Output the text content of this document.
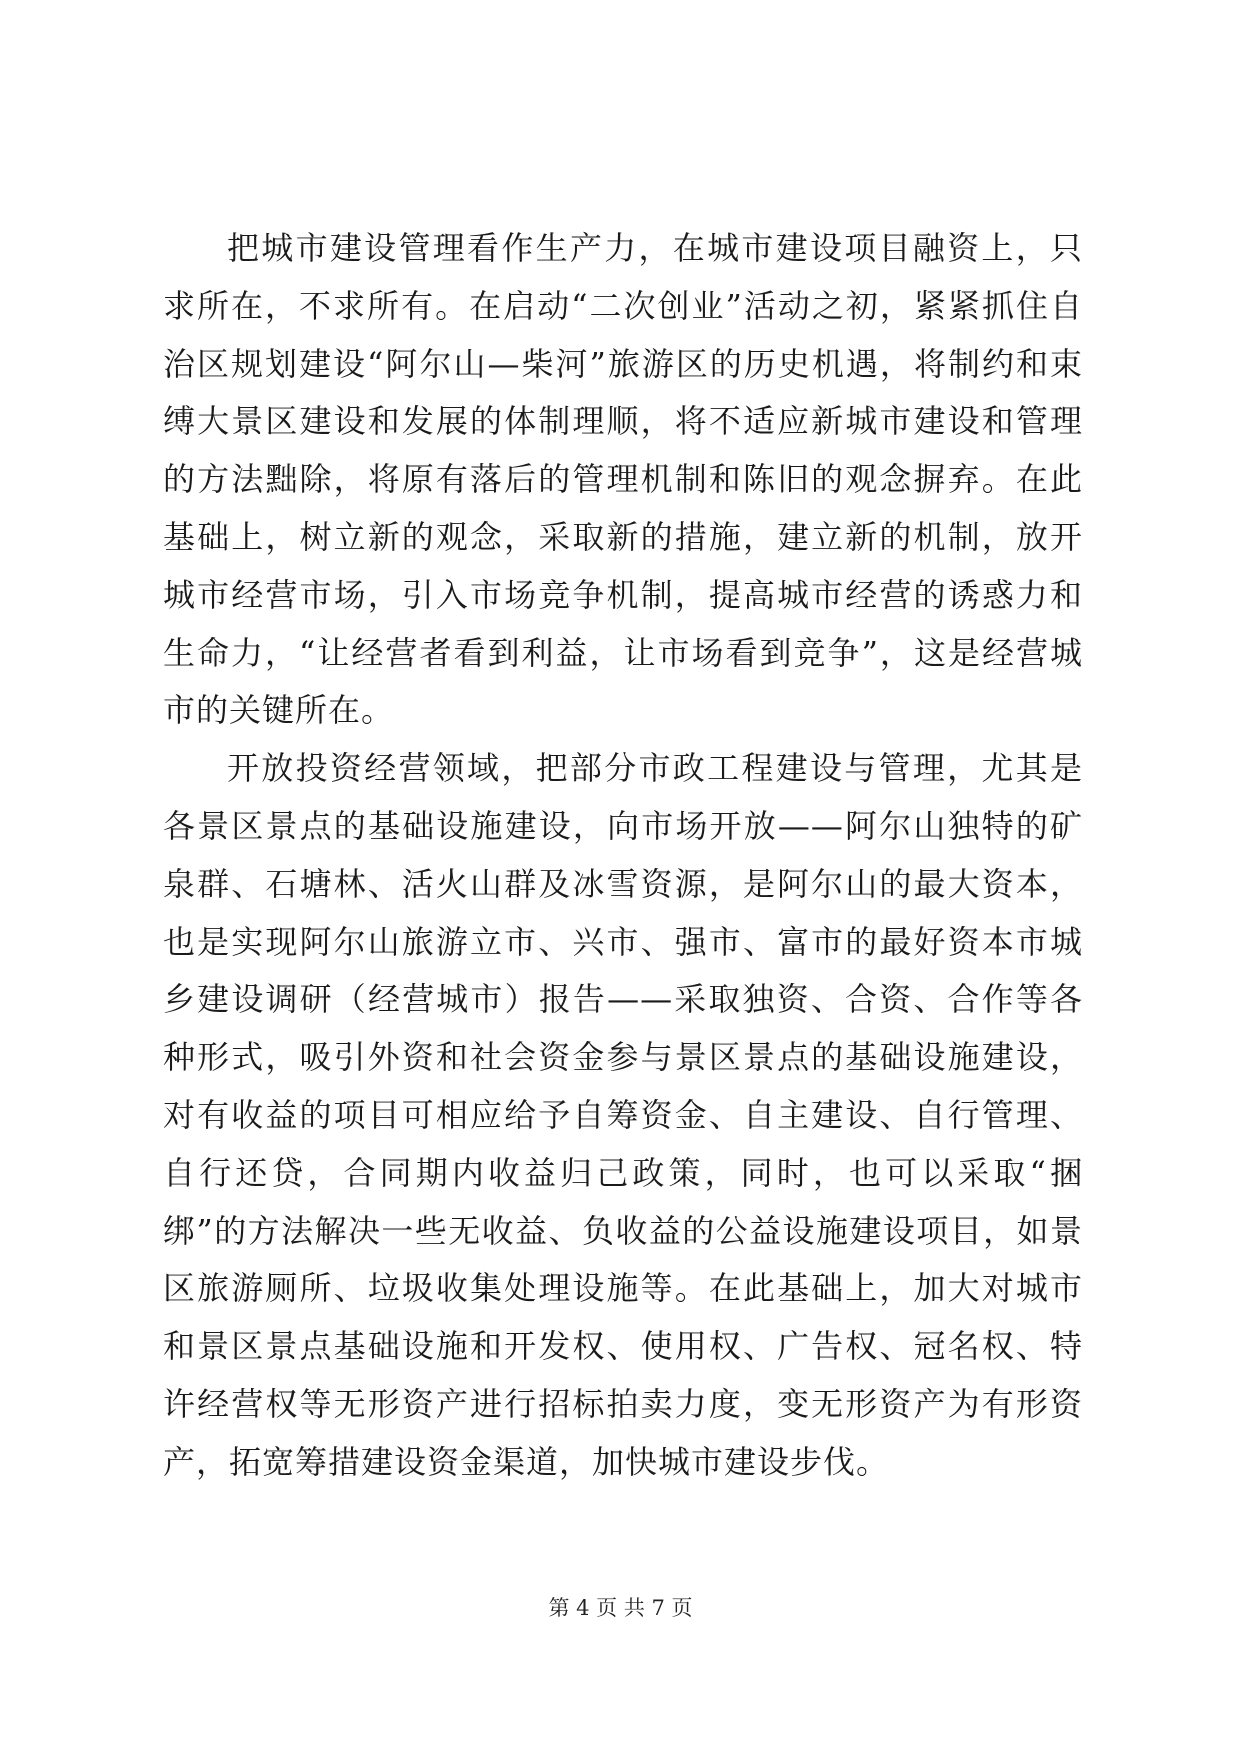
把城市建设管理看作生产力，在城市建设项目融资上，只求所在，不求所有。在启动“二次创业”活动之初，紧紧抓住自治区规划建设“阿尔山—柴河”旅游区的历史机遇，将制约和束缚大景区建设和发展的体制理顺，将不适应新城市建设和管理的方法黜除，将原有落后的管理机制和陈旧的观念摒弃。在此基础上，树立新的观念，采取新的措施，建立新的机制，放开城市经营市场，引入市场竞争机制，提高城市经营的诱惑力和生命力，“让经营者看到利益，让市场看到竞争”，这是经营城市的关键所在。

开放投资经营领域，把部分市政工程建设与管理，尤其是各景区景点的基础设施建设，向市场开放——阿尔山独特的矿泉群、石塘林、活火山群及冰雪资源，是阿尔山的最大资本，也是实现阿尔山旅游立市、兴市、强市、富市的最好资本市城乡建设调研（经营城市）报告——采取独资、合资、合作等各种形式，吸引外资和社会资金参与景区景点的基础设施建设，对有收益的项目可相应给予自筹资金、自主建设、自行管理、自行还贷，合同期内收益归己政策，同时，也可以采取“捆绑”的方法解决一些无收益、负收益的公益设施建设项目，如景区旅游厕所、垃圾收集处理设施等。在此基础上，加大对城市和景区景点基础设施和开发权、使用权、广告权、冠名权、特许经营权等无形资产进行招标拍卖力度，变无形资产为有形资产，拓宽筹措建设资金渠道，加快城市建设步伐。

第 4 页 共 7 页
